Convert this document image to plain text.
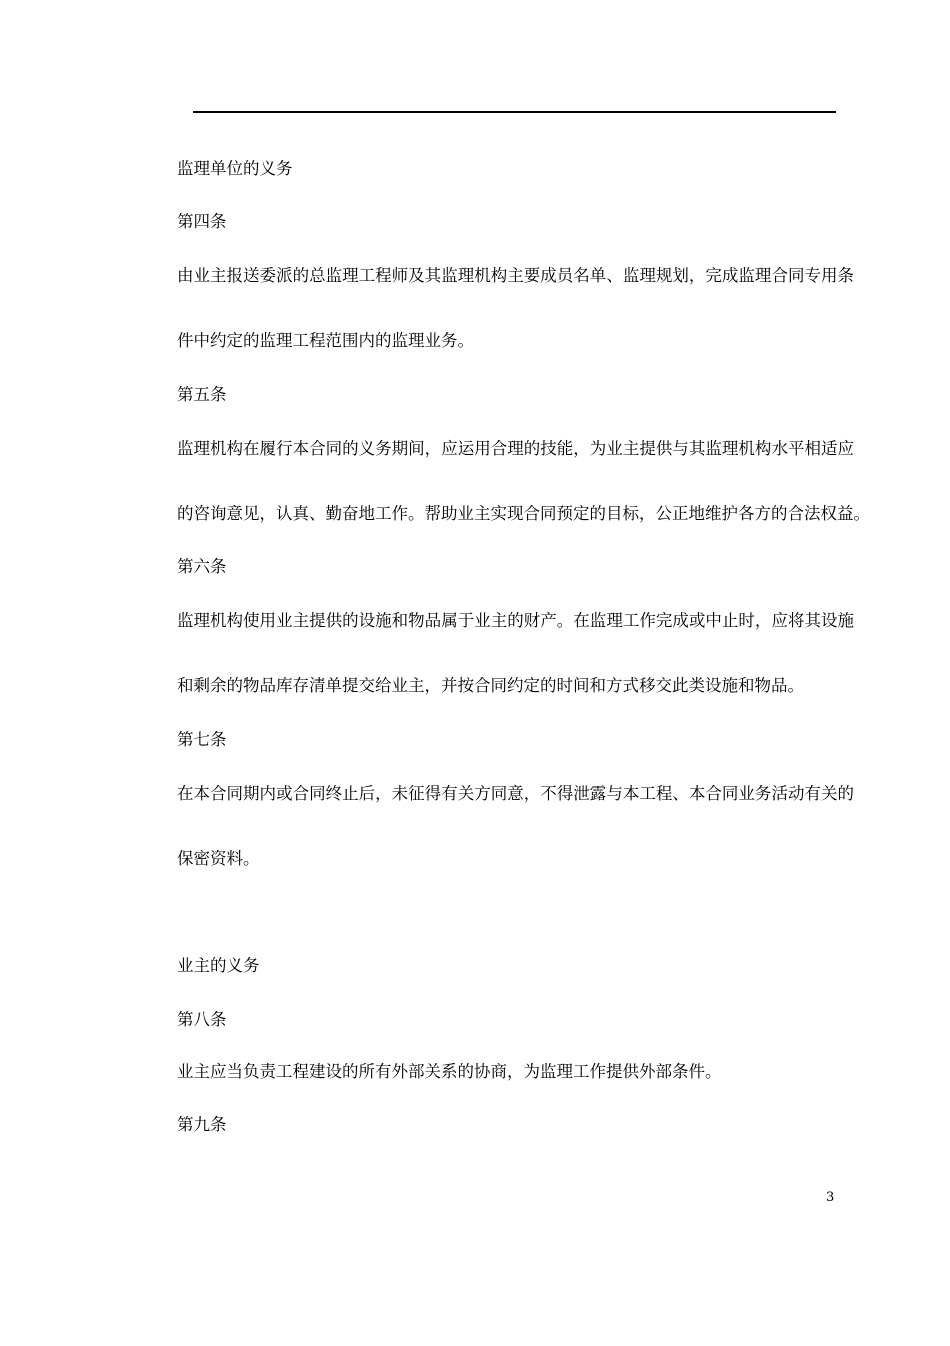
监理单位的义务
第四条
由业主报送委派的总监理工程师及其监理机构主要成员名单、监理规划，完成监理合同专用条
件中约定的监理工程范围内的监理业务。
第五条
监理机构在履行本合同的义务期间，应运用合理的技能，为业主提供与其监理机构水平相适应
的咨询意见，认真、勤奋地工作。帮助业主实现合同预定的目标，公正地维护各方的合法权益。
第六条
监理机构使用业主提供的设施和物品属于业主的财产。在监理工作完成或中止时，应将其设施
和剩余的物品库存清单提交给业主，并按合同约定的时间和方式移交此类设施和物品。
第七条
在本合同期内或合同终止后，未征得有关方同意，不得泄露与本工程、本合同业务活动有关的
保密资料。
业主的义务
第八条
业主应当负责工程建设的所有外部关系的协商，为监理工作提供外部条件。
第九条
3
